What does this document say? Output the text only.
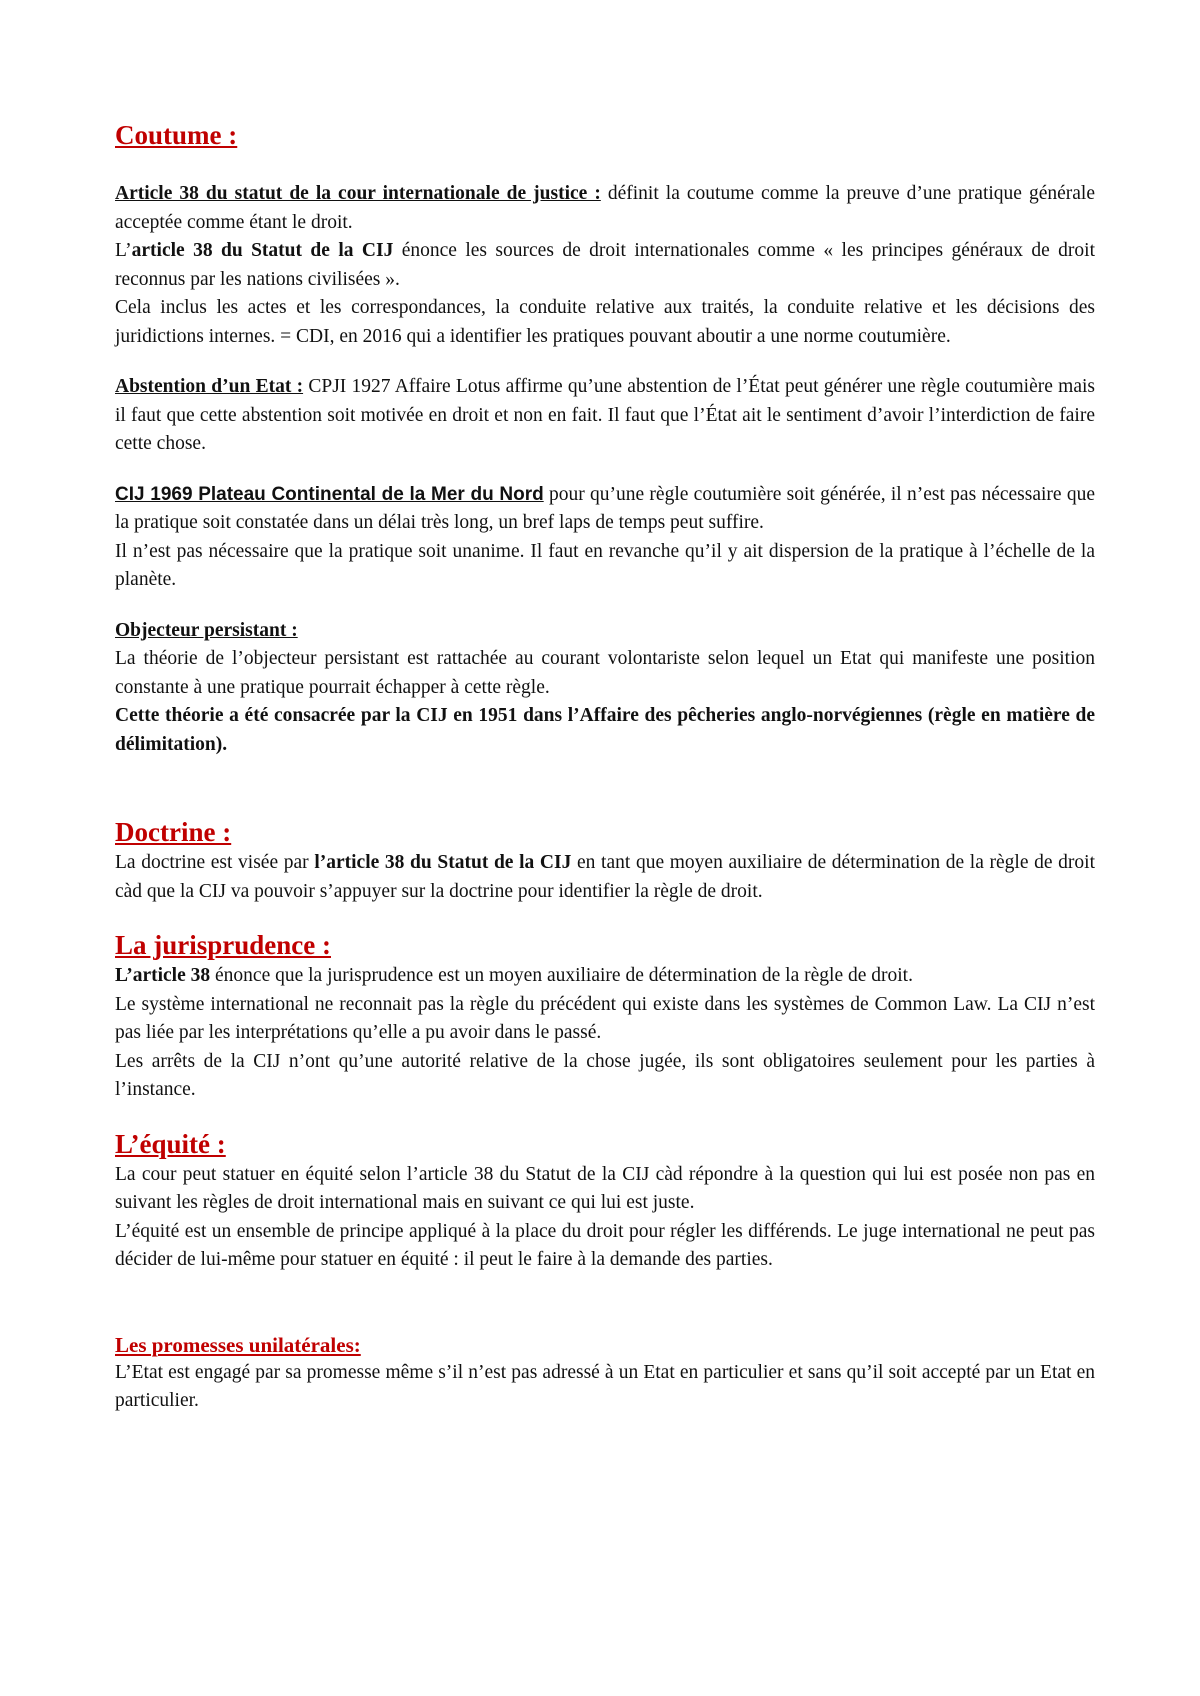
Coutume :

Article 38 du statut de la cour internationale de justice : définit la coutume comme la preuve d’une pratique générale acceptée comme étant le droit.

L’article 38 du Statut de la CIJ énonce les sources de droit internationales comme « les principes généraux de droit reconnus par les nations civilisées ».

Cela inclus les actes et les correspondances, la conduite relative aux traités, la conduite relative et les décisions des juridictions internes. = CDI, en 2016 qui a identifier les pratiques pouvant aboutir a une norme coutumière.

Abstention d’un Etat : CPJI 1927 Affaire Lotus affirme qu’une abstention de l’État peut générer une règle coutumière mais il faut que cette abstention soit motivée en droit et non en fait. Il faut que l’État ait le sentiment d’avoir l’interdiction de faire cette chose.

CIJ 1969 Plateau Continental de la Mer du Nord pour qu’une règle coutumière soit générée, il n’est pas nécessaire que la pratique soit constatée dans un délai très long, un bref laps de temps peut suffire.

Il n’est pas nécessaire que la pratique soit unanime. Il faut en revanche qu’il y ait dispersion de la pratique à l’échelle de la planète.

Objecteur persistant :

La théorie de l’objecteur persistant est rattachée au courant volontariste selon lequel un Etat qui manifeste une position constante à une pratique pourrait échapper à cette règle.

Cette théorie a été consacrée par la CIJ en 1951 dans l’Affaire des pêcheries anglo-norvégiennes (règle en matière de délimitation).

Doctrine :

La doctrine est visée par l’article 38 du Statut de la CIJ en tant que moyen auxiliaire de détermination de la règle de droit càd que la CIJ va pouvoir s’appuyer sur la doctrine pour identifier la règle de droit.

La jurisprudence :

L’article 38 énonce que la jurisprudence est un moyen auxiliaire de détermination de la règle de droit.

Le système international ne reconnait pas la règle du précédent qui existe dans les systèmes de Common Law. La CIJ n’est pas liée par les interprétations qu’elle a pu avoir dans le passé.

Les arrêts de la CIJ n’ont qu’une autorité relative de la chose jugée, ils sont obligatoires seulement pour les parties à l’instance.

L’équité :

La cour peut statuer en équité selon l’article 38 du Statut de la CIJ càd répondre à la question qui lui est posée non pas en suivant les règles de droit international mais en suivant ce qui lui est juste.

L’équité est un ensemble de principe appliqué à la place du droit pour régler les différends. Le juge international ne peut pas décider de lui-même pour statuer en équité : il peut le faire à la demande des parties.

Les promesses unilatérales:

L’Etat est engagé par sa promesse même s’il n’est pas adressé à un Etat en particulier et sans qu’il soit accepté par un Etat en particulier.
